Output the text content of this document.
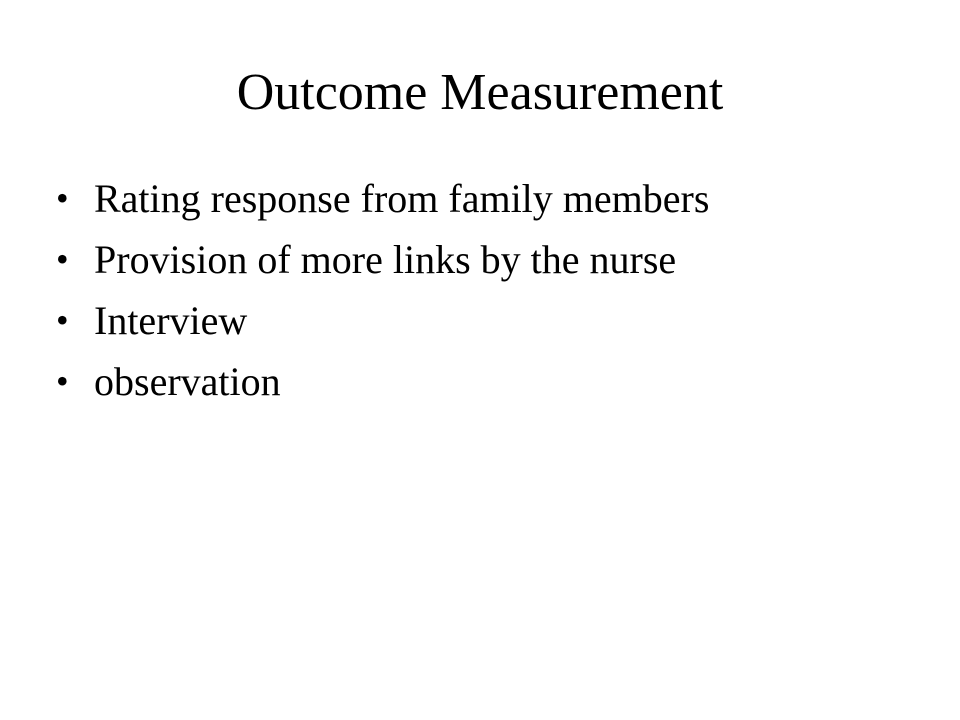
Outcome Measurement
• Rating response from family members
• Provision of more links by the nurse
• Interview
• observation
